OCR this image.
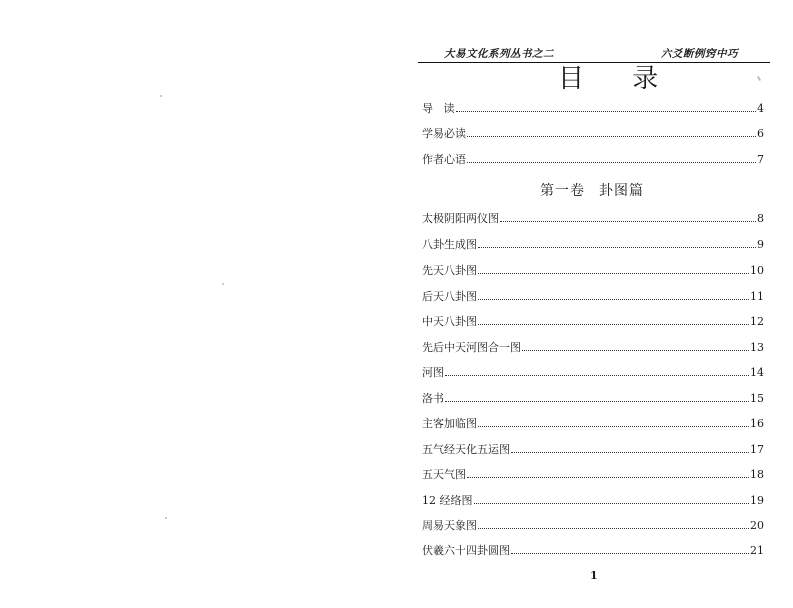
大易文化系列丛书之二	六爻断例窍中巧
目 录
导   读	4
学易必读	6
作者心语	7
第一卷 卦图篇
太极阴阳两仪图	8
八卦生成图	9
先天八卦图	10
后天八卦图	11
中天八卦图	12
先后中天河图合一图	13
河图	14
洛书	15
主客加临图	16
五气经天化五运图	17
五天气图	18
12 经络图	19
周易天象图	20
伏羲六十四卦圆图	21
1
